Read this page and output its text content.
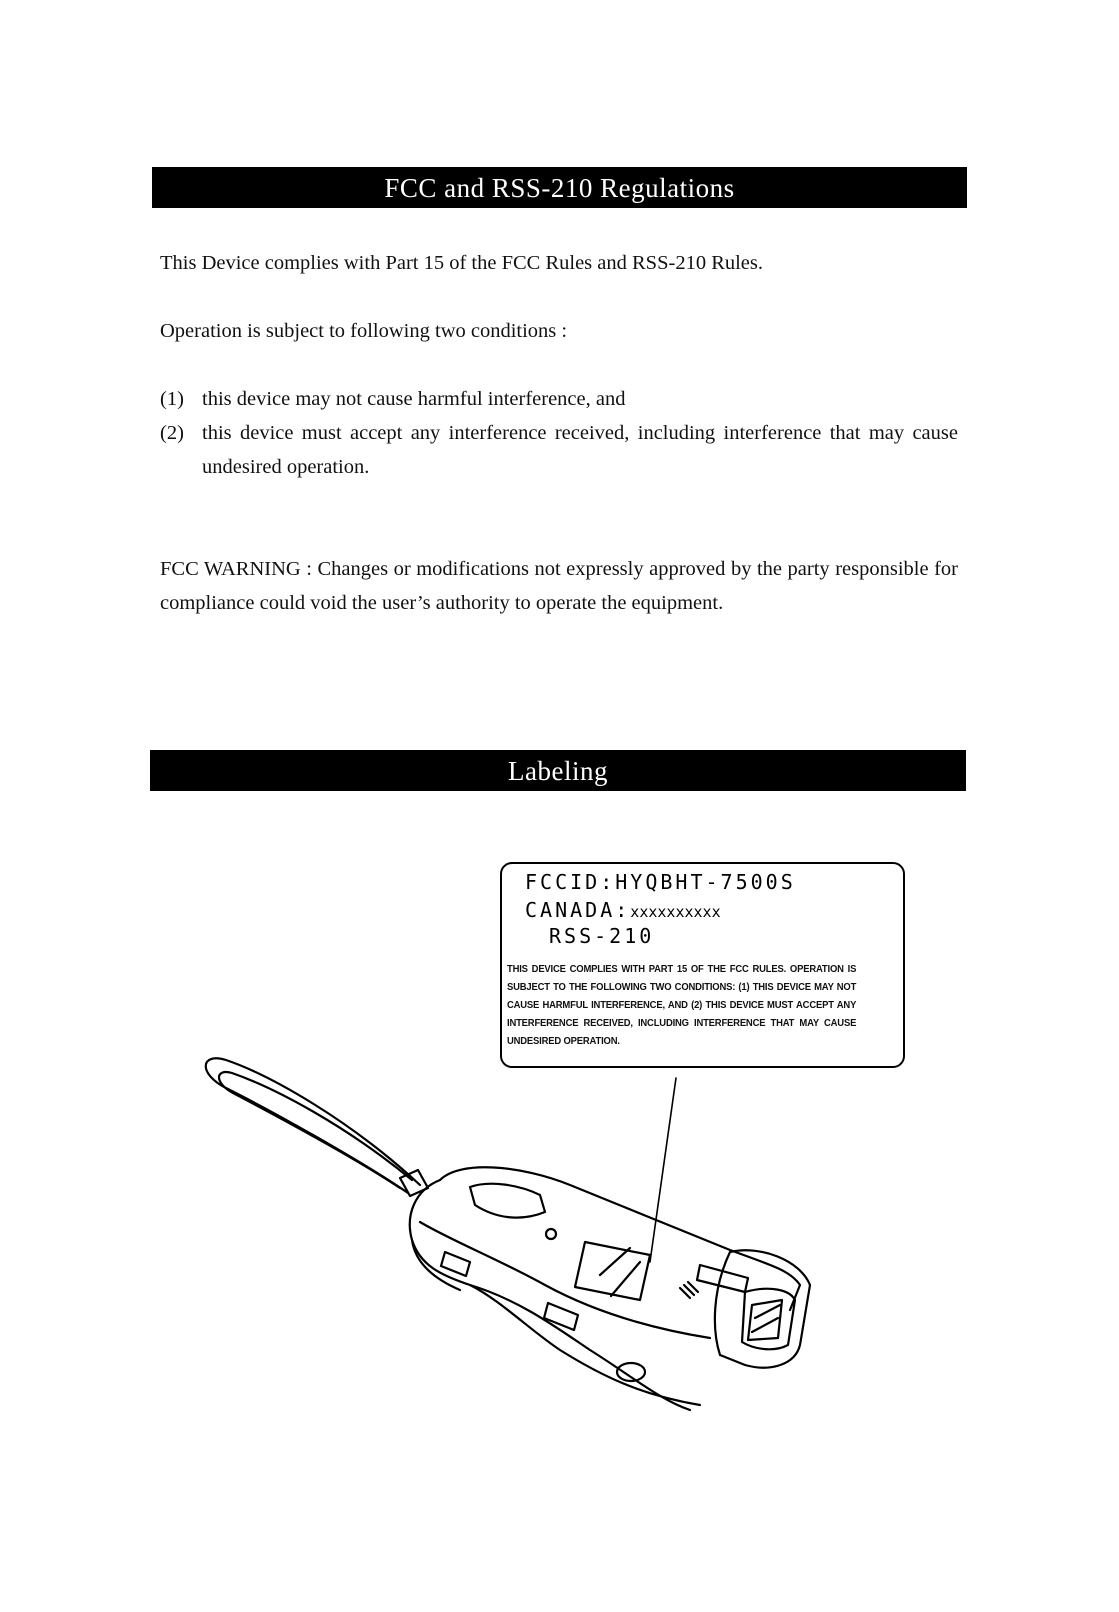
FCC and RSS-210 Regulations

This Device complies with Part 15 of the FCC Rules and RSS-210 Rules.

Operation is subject to following two conditions :

(1) this device may not cause harmful interference, and
(2) this device must accept any interference received, including interference that may cause undesired operation.

FCC WARNING : Changes or modifications not expressly approved by the party responsible for compliance could void the user’s authority to operate the equipment.

Labeling
FCCID:HYQBHT-7500S
CANADA:xxxxxxxxxx
RSS-210
THIS DEVICE COMPLIES WITH PART 15 OF THE FCC RULES. OPERATION IS SUBJECT TO THE FOLLOWING TWO CONDITIONS: (1) THIS DEVICE MAY NOT CAUSE HARMFUL INTERFERENCE, AND (2) THIS DEVICE MUST ACCEPT ANY INTERFERENCE RECEIVED, INCLUDING INTERFERENCE THAT MAY CAUSE UNDESIRED OPERATION.
